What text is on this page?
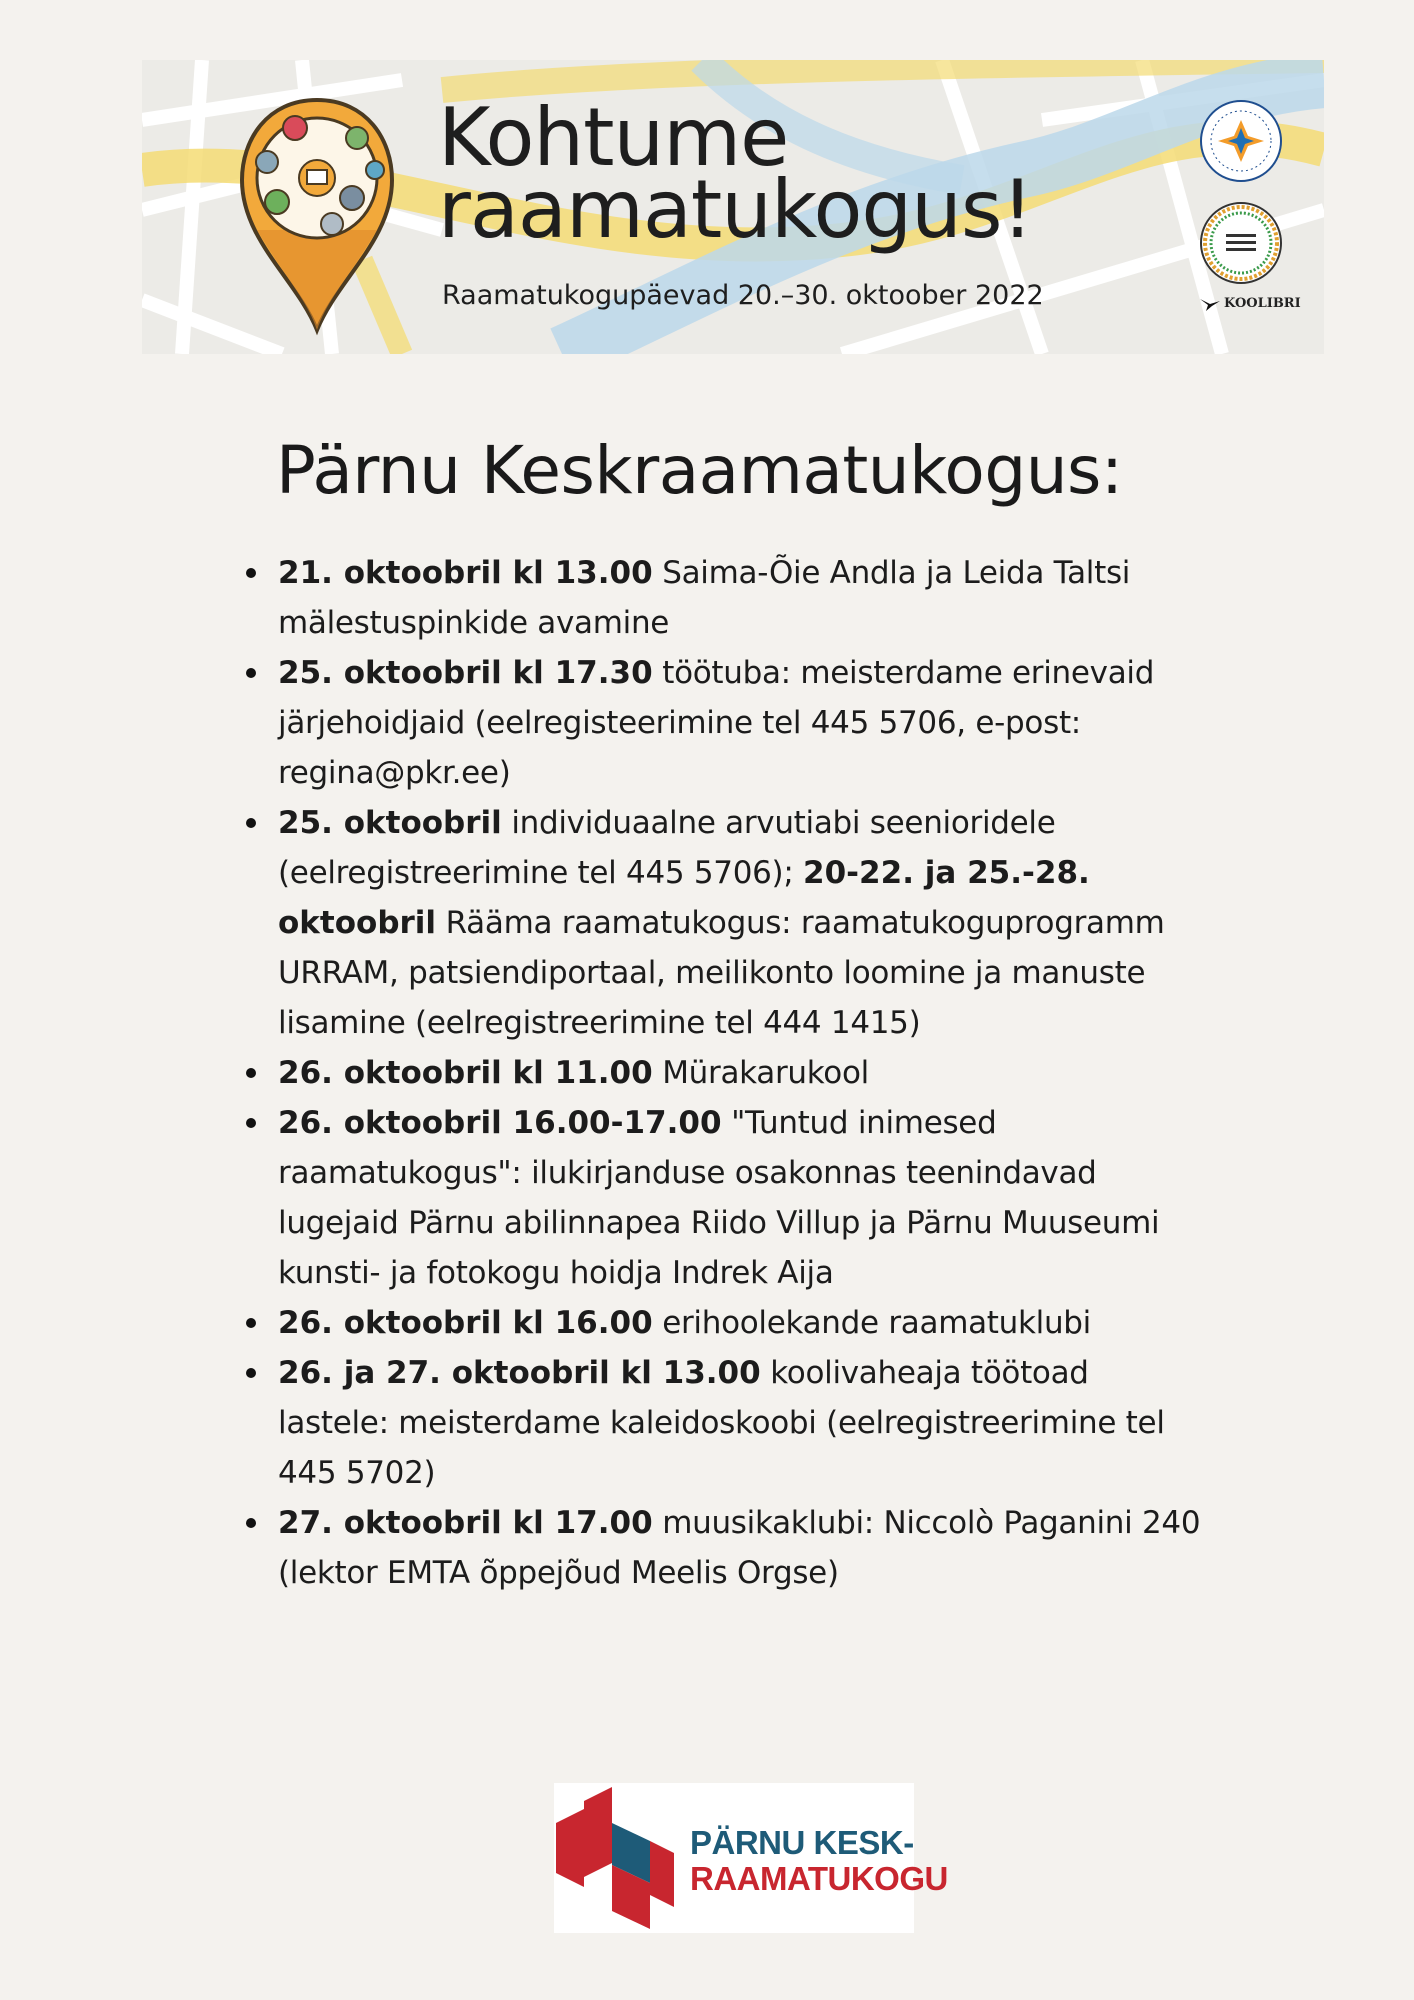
Kohtume
raamatukogus!
Raamatukogupäevad 20.–30. oktoober 2022	KOOLIBRI
Pärnu Keskraamatukogus:
21. oktoobril kl 13.00 Saima-Õie Andla ja Leida Taltsi mälestuspinkide avamine
25. oktoobril kl 17.30 töötuba: meisterdame erinevaid järjehoidjaid (eelregisteerimine tel 445 5706, e-post: regina@pkr.ee)
25. oktoobril individuaalne arvutiabi seenioridele (eelregistreerimine tel 445 5706); 20-22. ja 25.-28. oktoobril Rääma raamatukogus: raamatukoguprogramm URRAM, patsiendiportaal, meilikonto loomine ja manuste lisamine (eelregistreerimine tel 444 1415)
26. oktoobril kl 11.00 Mürakarukool
26. oktoobril 16.00-17.00 "Tuntud inimesed raamatukogus": ilukirjanduse osakonnas teenindavad lugejaid Pärnu abilinnapea Riido Villup ja Pärnu Muuseumi kunsti- ja fotokogu hoidja Indrek Aija
26. oktoobril kl 16.00 erihoolekande raamatuklubi
26. ja 27. oktoobril kl 13.00 koolivaheaja töötoad lastele: meisterdame kaleidoskoobi (eelregistreerimine tel 445 5702)
27. oktoobril kl 17.00 muusikaklubi: Niccolò Paganini 240 (lektor EMTA õppejõud Meelis Orgse)
PÄRNU KESK-
RAAMATUKOGU
